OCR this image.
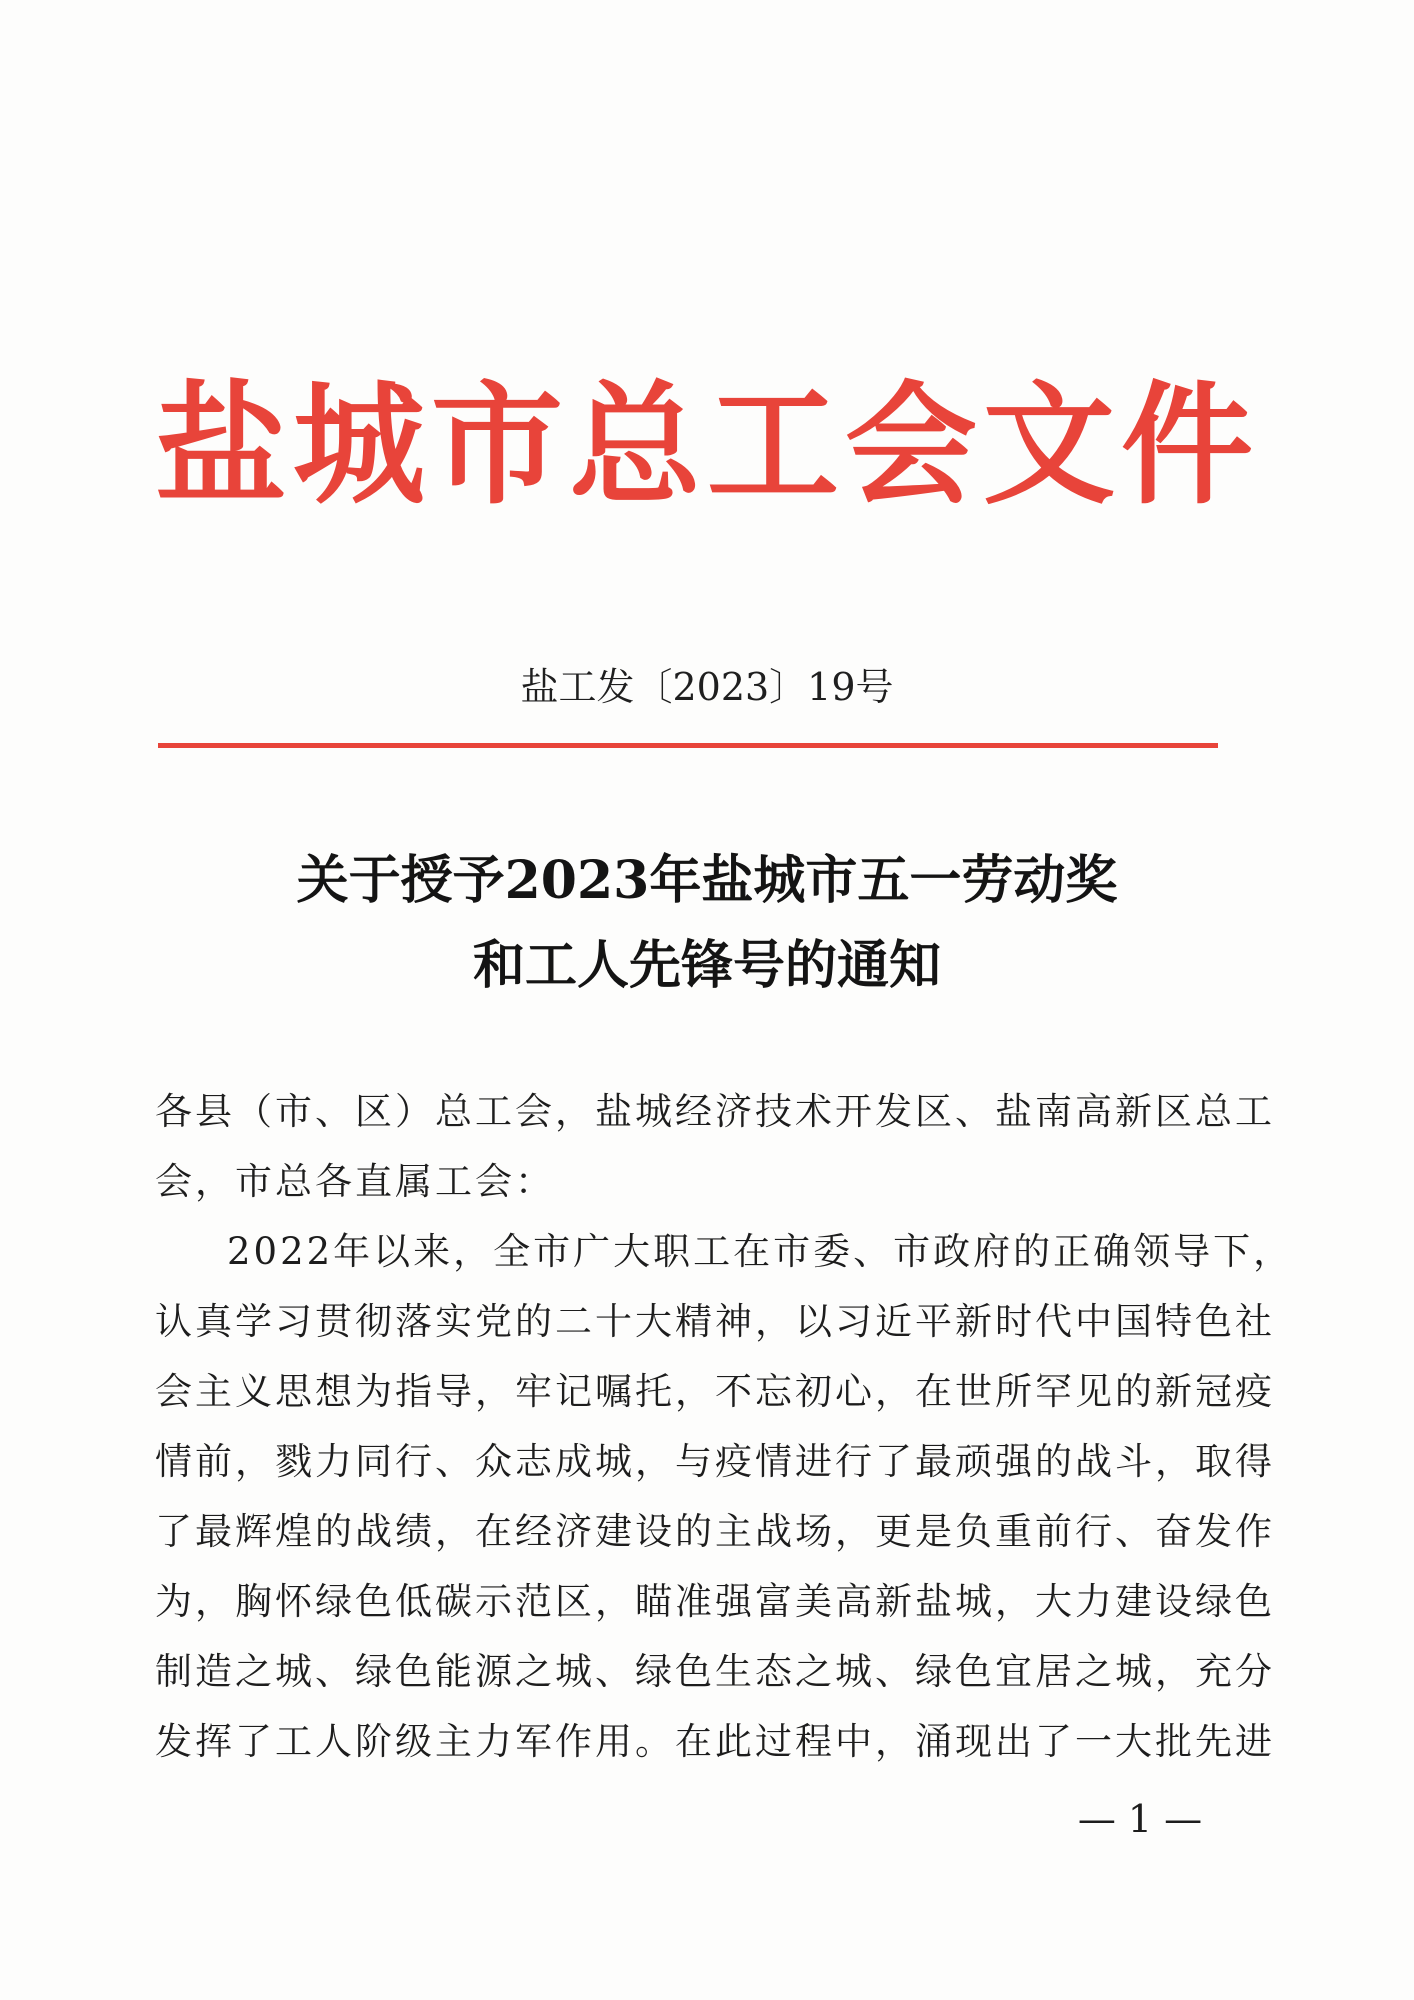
盐城市总工会文件
盐工发〔2023〕19号
关于授予2023年盐城市五一劳动奖
和工人先锋号的通知
各县（市、区）总工会，盐城经济技术开发区、盐南高新区总工
会，市总各直属工会：
2022年以来，全市广大职工在市委、市政府的正确领导下，
认真学习贯彻落实党的二十大精神，以习近平新时代中国特色社
会主义思想为指导，牢记嘱托，不忘初心，在世所罕见的新冠疫
情前，戮力同行、众志成城，与疫情进行了最顽强的战斗，取得
了最辉煌的战绩，在经济建设的主战场，更是负重前行、奋发作
为，胸怀绿色低碳示范区，瞄准强富美高新盐城，大力建设绿色
制造之城、绿色能源之城、绿色生态之城、绿色宜居之城，充分
发挥了工人阶级主力军作用。在此过程中，涌现出了一大批先进
— 1 —
